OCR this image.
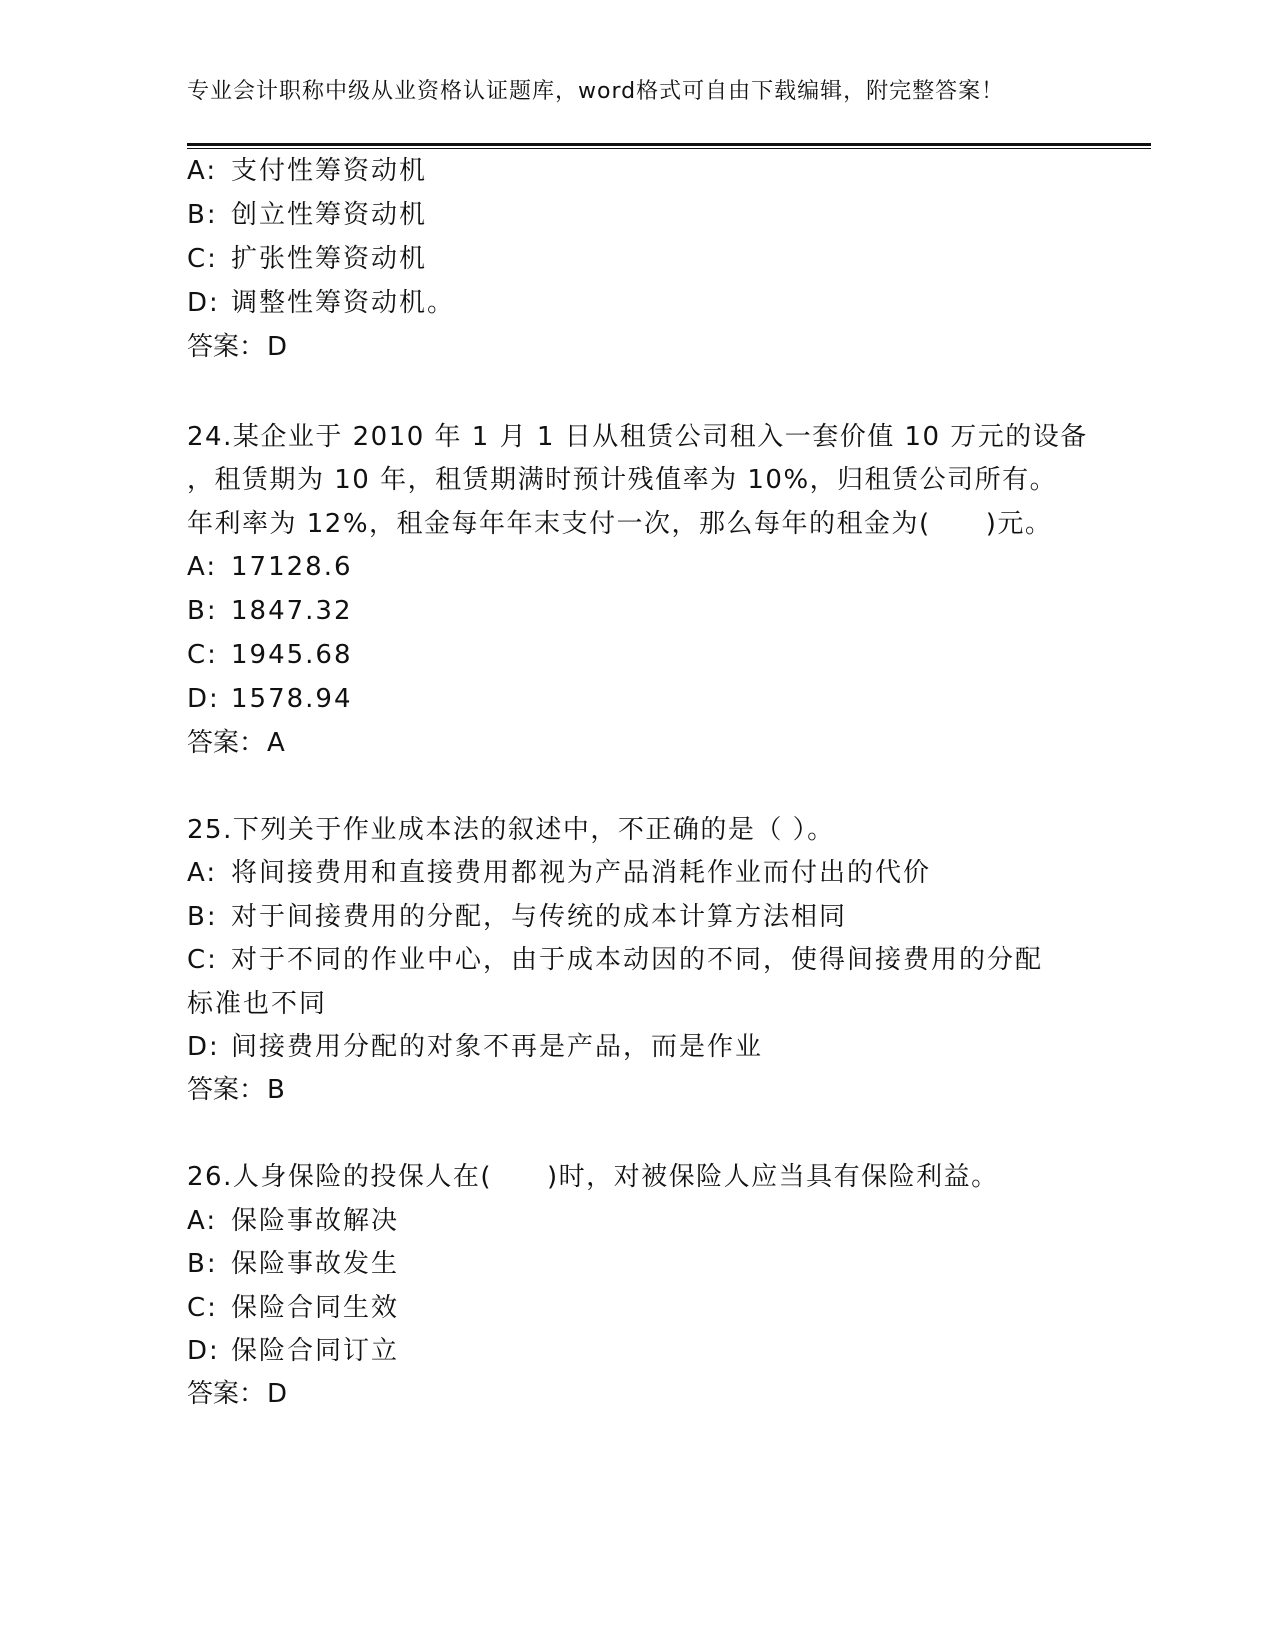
专业会计职称中级从业资格认证题库，word格式可自由下载编辑，附完整答案！
A: 支付性筹资动机
B: 创立性筹资动机
C: 扩张性筹资动机
D: 调整性筹资动机。
答案：D
24.某企业于 2010 年 1 月 1 日从租赁公司租入一套价值 10 万元的设备
，租赁期为 10 年，租赁期满时预计残值率为 10%，归租赁公司所有。
年利率为 12%，租金每年年末支付一次，那么每年的租金为(　　)元。
A: 17128.6
B: 1847.32
C: 1945.68
D: 1578.94
答案：A
25.下列关于作业成本法的叙述中，不正确的是（ ）。
A: 将间接费用和直接费用都视为产品消耗作业而付出的代价
B: 对于间接费用的分配，与传统的成本计算方法相同
C: 对于不同的作业中心，由于成本动因的不同，使得间接费用的分配
标准也不同
D: 间接费用分配的对象不再是产品，而是作业
答案：B
26.人身保险的投保人在(　　)时，对被保险人应当具有保险利益。
A: 保险事故解决
B: 保险事故发生
C: 保险合同生效
D: 保险合同订立
答案：D
